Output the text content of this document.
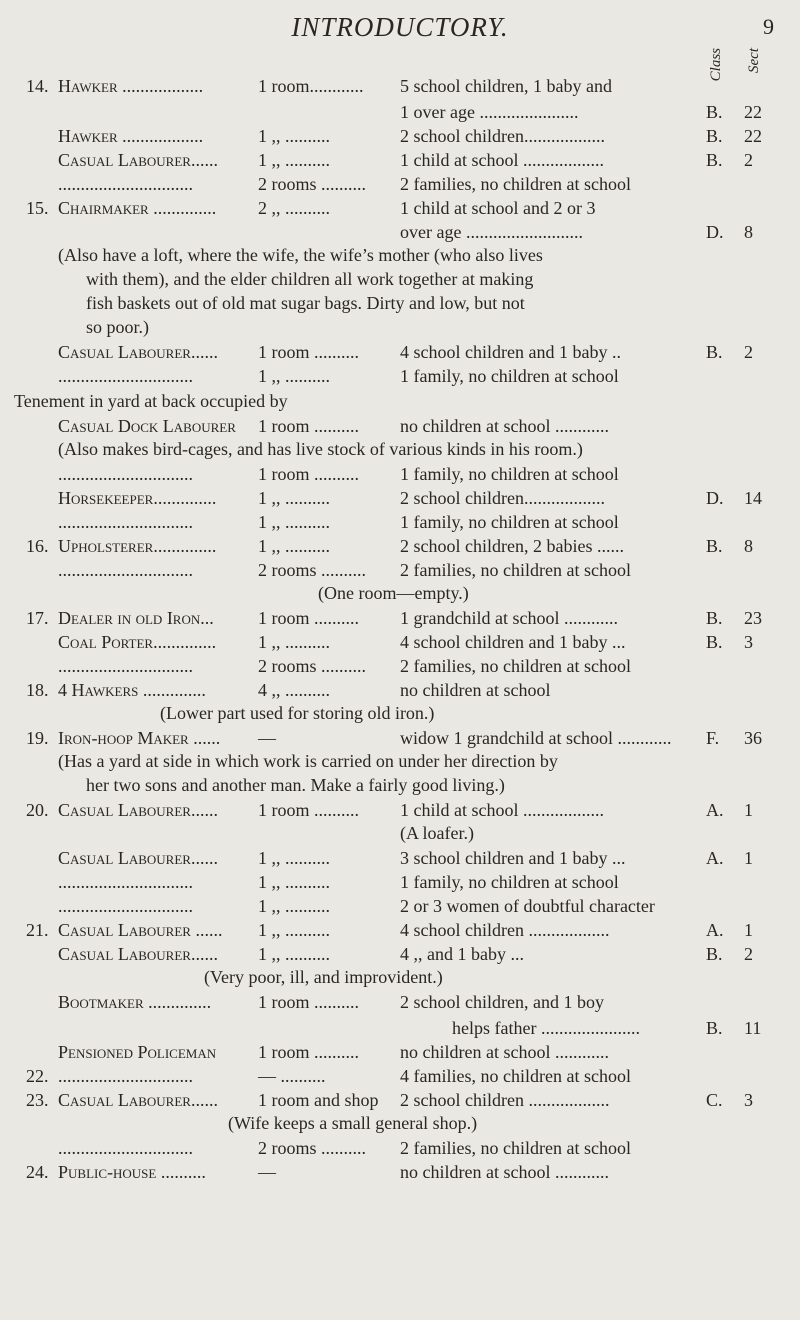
INTRODUCTORY.	9
Class Sect
14. Hawker ..................	1 room............ 5 school children, 1 baby and
1 over age ......................	B. 22
Hawker ..................	1 ,, ..........	2 school children..................	B. 22
Casual Labourer...... 1 ,, ..........	1 child at school ..................	B. 2
..............................	2 rooms .......... 2 families, no children at school
15. Chairmaker .............. 2 ,, ..........	1 child at school and 2 or 3
over age ..........................	D. 8
(Also have a loft, where the wife, the wife’s mother (who also lives
with them), and the elder children all work together at making
fish baskets out of old mat sugar bags. Dirty and low, but not
so poor.)
Casual Labourer...... 1 room .......... 4 school children and 1 baby ..	B. 2
..............................	1 ,, ..........	1 family, no children at school
Tenement in yard at back occupied by
Casual Dock Labourer 1 room .......... no children at school ............
(Also makes bird-cages, and has live stock of various kinds in his room.)
..............................	1 room .......... 1 family, no children at school
Horsekeeper.............. 1 ,, ..........	2 school children..................	D. 14
..............................	1 ,, ..........	1 family, no children at school
16. Upholsterer.............. 1 ,, ..........	2 school children, 2 babies ......	B. 8
..............................	2 rooms .......... 2 families, no children at school
(One room—empty.)
17. Dealer in old Iron... 1 room .......... 1 grandchild at school ............	B. 23
Coal Porter.............. 1 ,, ..........	4 school children and 1 baby ...	B. 3
..............................	2 rooms .......... 2 families, no children at school
18. 4 Hawkers ..............	4 ,, ..........	no children at school
(Lower part used for storing old iron.)
19. Iron-hoop Maker ...... —	widow 1 grandchild at school ............ F. 36
(Has a yard at side in which work is carried on under her direction by
her two sons and another man. Make a fairly good living.)
20. Casual Labourer...... 1 room .......... 1 child at school ..................	A. 1
(A loafer.)
Casual Labourer...... 1 ,, ..........	3 school children and 1 baby ...	A. 1
..............................	1 ,, ..........	1 family, no children at school
..............................	1 ,, ..........	2 or 3 women of doubtful character
21. Casual Labourer ...... 1 ,, ..........	4 school children ..................	A. 1
Casual Labourer...... 1 ,, ..........	4 ,, and 1 baby ...	B. 2
(Very poor, ill, and improvident.)
Bootmaker ..............	1 room .......... 2 school children, and 1 boy
helps father ......................	B. 11
Pensioned Policeman 1 room .......... no children at school ............
22. ..............................	— ..........	4 families, no children at school
23. Casual Labourer...... 1 room and shop 2 school children ..................	C. 3
(Wife keeps a small general shop.)
..............................	2 rooms .......... 2 families, no children at school
24. Public-house ..........	—	no children at school ............
